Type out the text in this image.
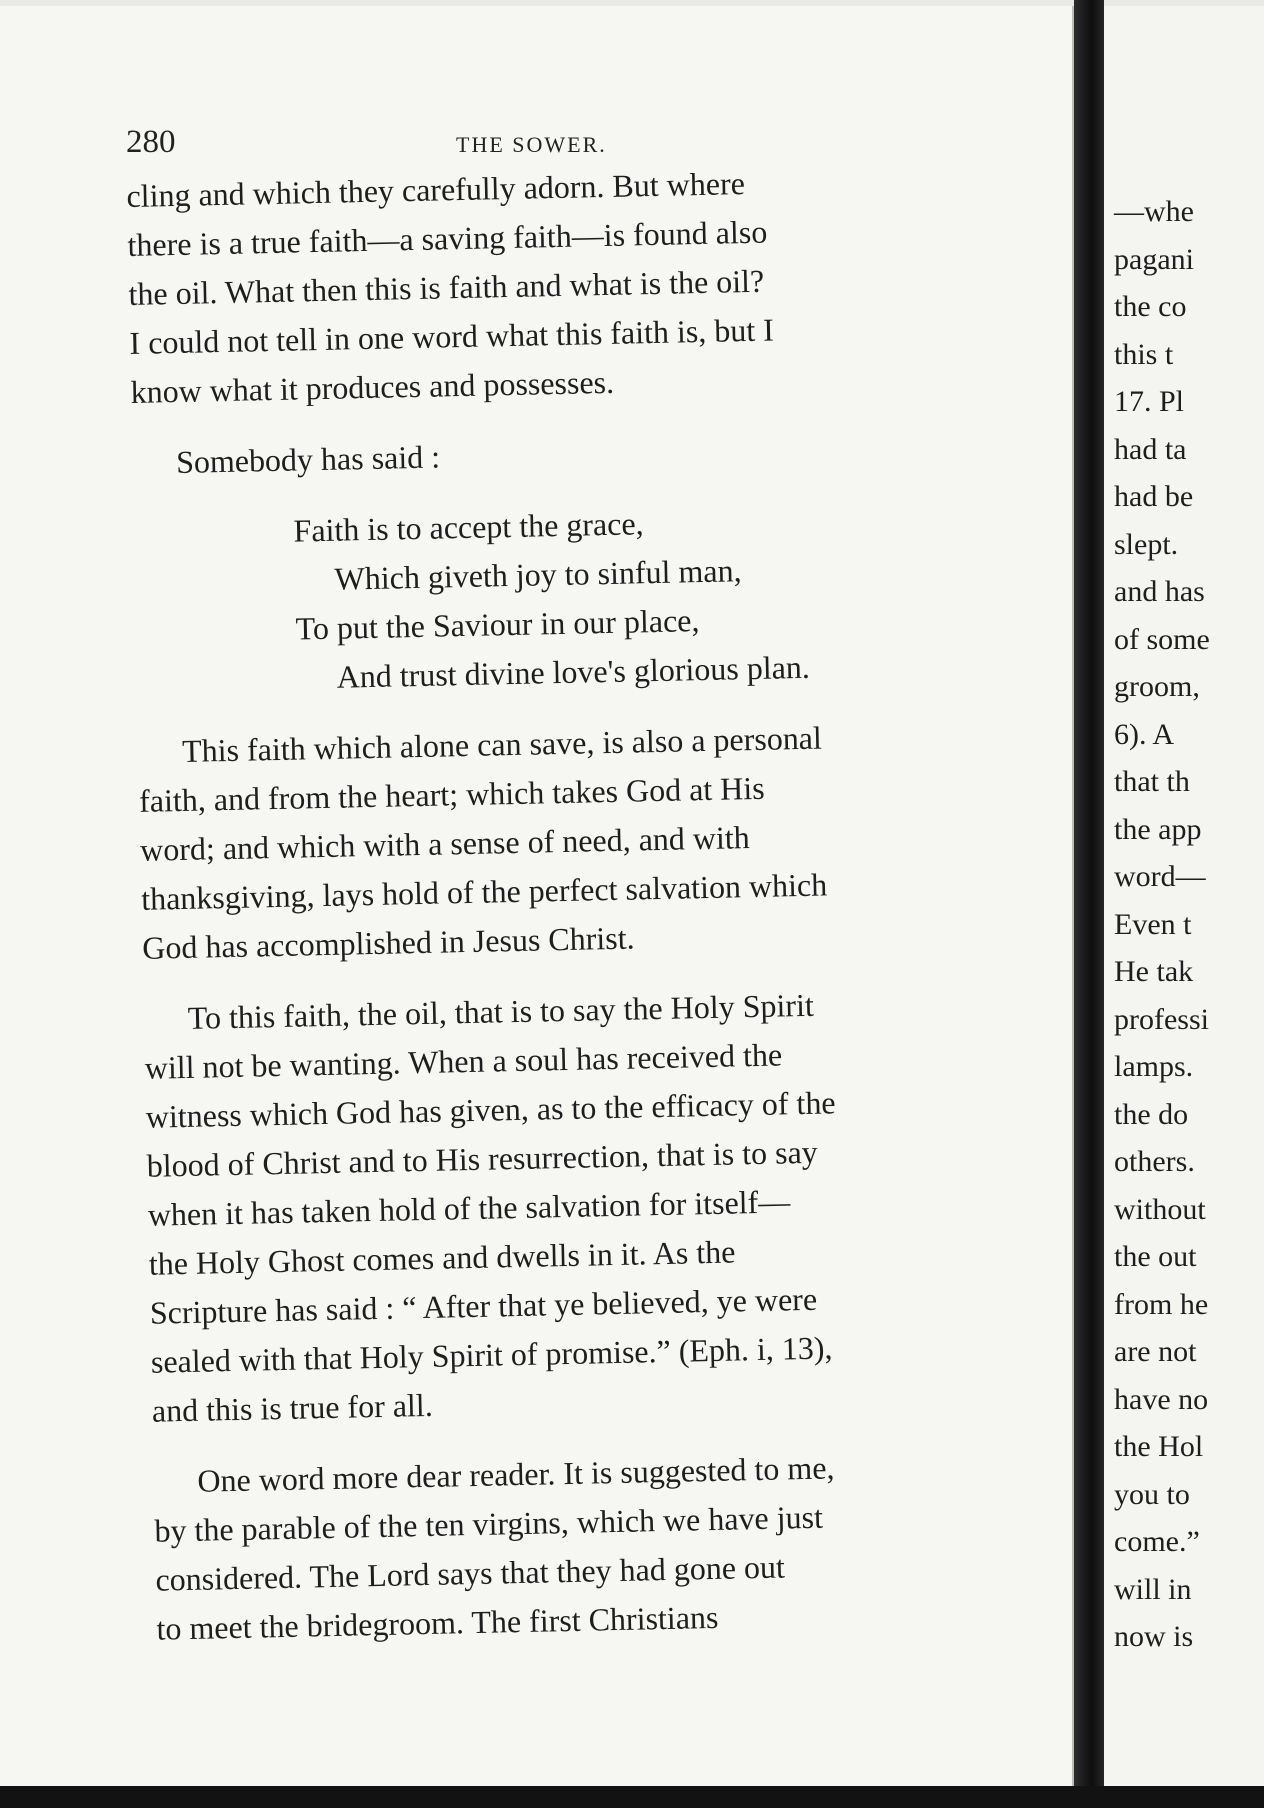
280	THE SOWER.
cling and which they carefully adorn. But where
there is a true faith—a saving faith—is found also
the oil. What then this is faith and what is the oil?
I could not tell in one word what this faith is, but I
know what it produces and possesses.
Somebody has said :
Faith is to accept the grace,
Which giveth joy to sinful man,
To put the Saviour in our place,
And trust divine love's glorious plan.
This faith which alone can save, is also a personal
faith, and from the heart; which takes God at His
word; and which with a sense of need, and with
thanksgiving, lays hold of the perfect salvation which
God has accomplished in Jesus Christ.
To this faith, the oil, that is to say the Holy Spirit
will not be wanting. When a soul has received the
witness which God has given, as to the efficacy of the
blood of Christ and to His resurrection, that is to say
when it has taken hold of the salvation for itself—
the Holy Ghost comes and dwells in it. As the
Scripture has said : “ After that ye believed, ye were
sealed with that Holy Spirit of promise.” (Eph. i, 13),
and this is true for all.
One word more dear reader. It is suggested to me,
by the parable of the ten virgins, which we have just
considered. The Lord says that they had gone out
to meet the bridegroom. The first Christians
—whe
pagani
the co
this t
17. Pl
had ta
had be
slept.
and has
of some
groom,
6). A
that th
the app
word—
Even t
He tak
professi
lamps.
the do
others.
without
the out
from he
are not
have no
the Hol
you to
come.”
will in
now is
